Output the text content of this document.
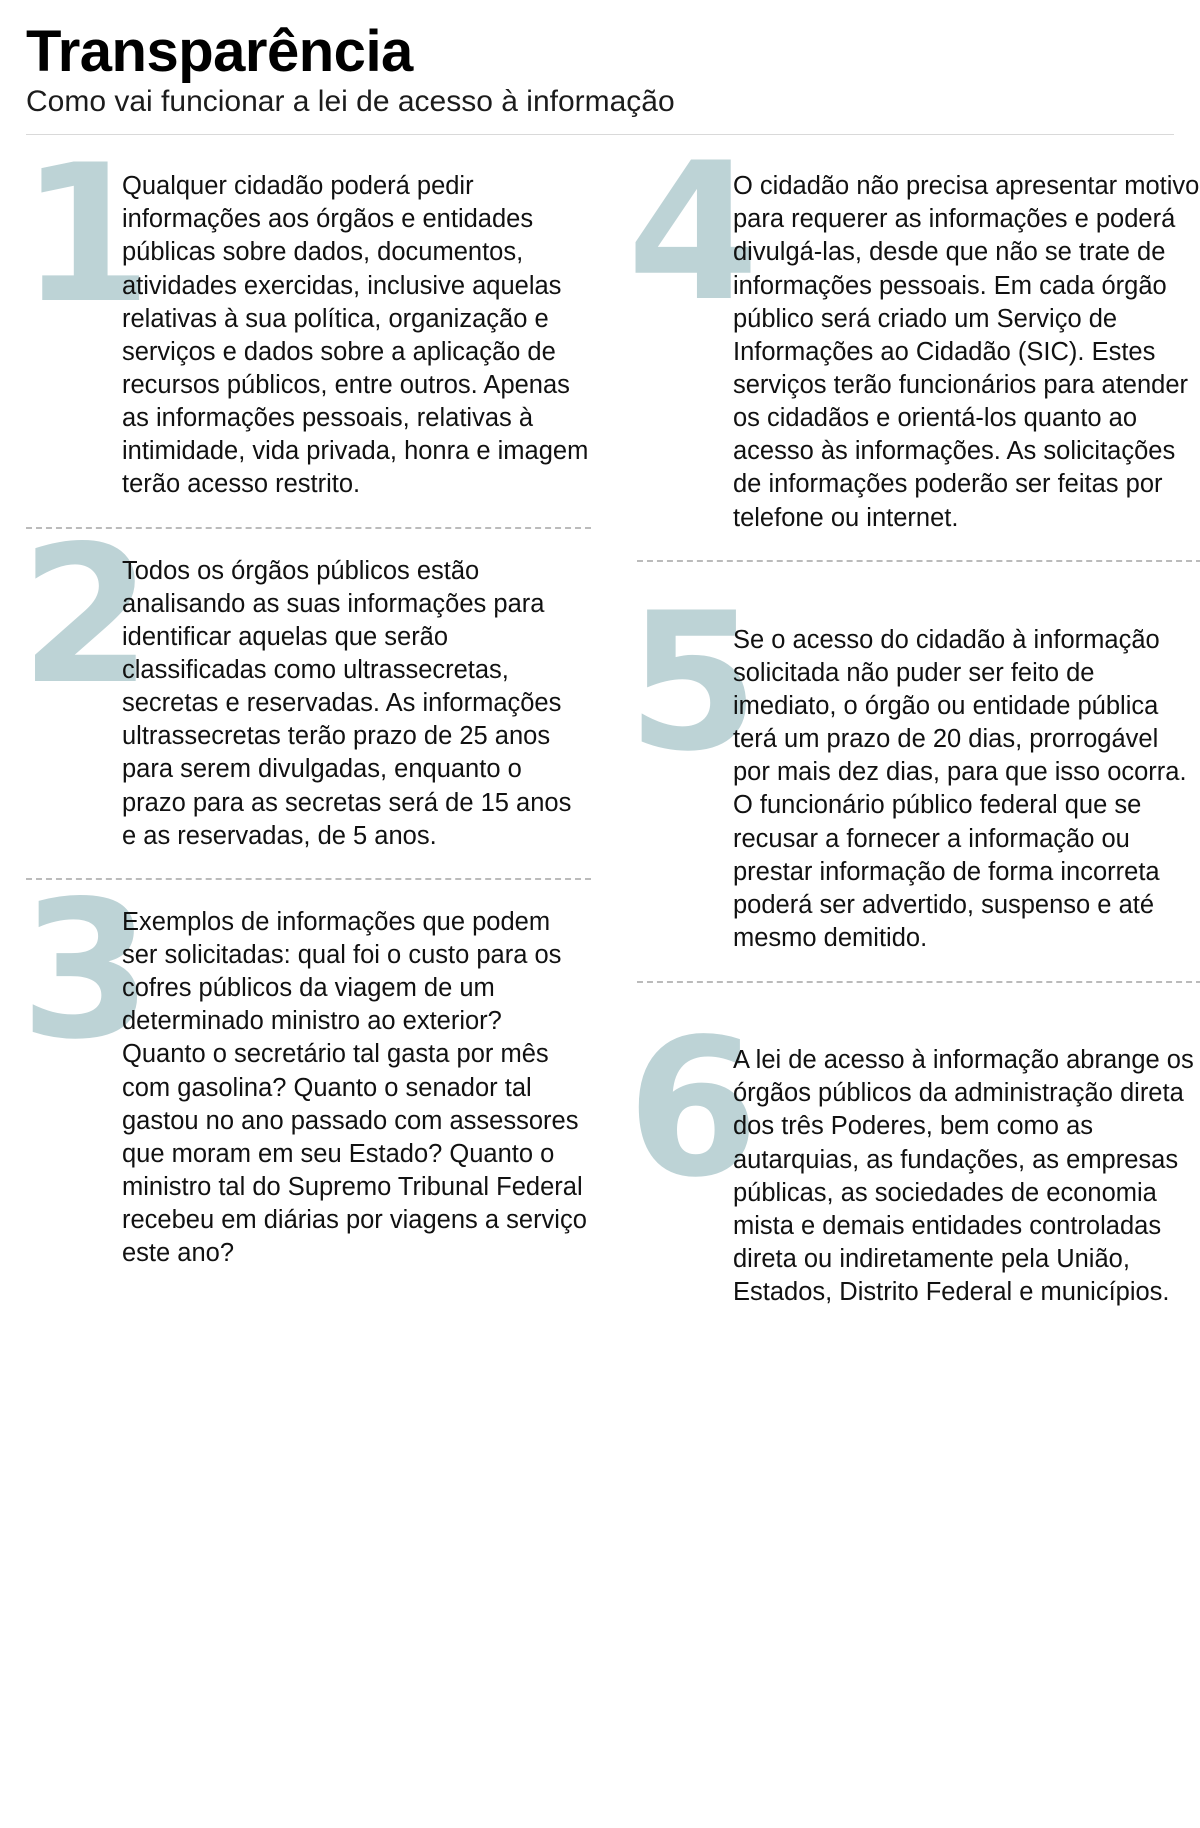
Transparência
Como vai funcionar a lei de acesso à informação
1

Qualquer cidadão poderá pedir informações aos órgãos e entidades públicas sobre dados, documentos, atividades exercidas, inclusive aquelas relativas à sua política, organização e serviços e dados sobre a aplicação de recursos públicos, entre outros. Apenas as informações pessoais, relativas à intimidade, vida privada, honra e imagem terão acesso restrito.

2

Todos os órgãos públicos estão analisando as suas informações para identificar aquelas que serão classificadas como ultrassecretas, secretas e reservadas. As informações ultrassecretas terão prazo de 25 anos para serem divulgadas, enquanto o prazo para as secretas será de 15 anos e as reservadas, de 5 anos.

3

Exemplos de informações que podem ser solicitadas: qual foi o custo para os cofres públicos da viagem de um determinado ministro ao exterior? Quanto o secretário tal gasta por mês com gasolina? Quanto o senador tal gastou no ano passado com assessores que moram em seu Estado? Quanto o ministro tal do Supremo Tribunal Federal recebeu em diárias por viagens a serviço este ano?

4

O cidadão não precisa apresentar motivo para requerer as informações e poderá divulgá-las, desde que não se trate de informações pessoais. Em cada órgão público será criado um Serviço de Informações ao Cidadão (SIC). Estes serviços terão funcionários para atender os cidadãos e orientá-los quanto ao acesso às informações. As solicitações de informações poderão ser feitas por telefone ou internet.

5

Se o acesso do cidadão à informação solicitada não puder ser feito de imediato, o órgão ou entidade pública terá um prazo de 20 dias, prorrogável por mais dez dias, para que isso ocorra. O funcionário público federal que se recusar a fornecer a informação ou prestar informação de forma incorreta poderá ser advertido, suspenso e até mesmo demitido.

6

A lei de acesso à informação abrange os órgãos públicos da administração direta dos três Poderes, bem como as autarquias, as fundações, as empresas públicas, as sociedades de economia mista e demais entidades controladas direta ou indiretamente pela União, Estados, Distrito Federal e municípios.
